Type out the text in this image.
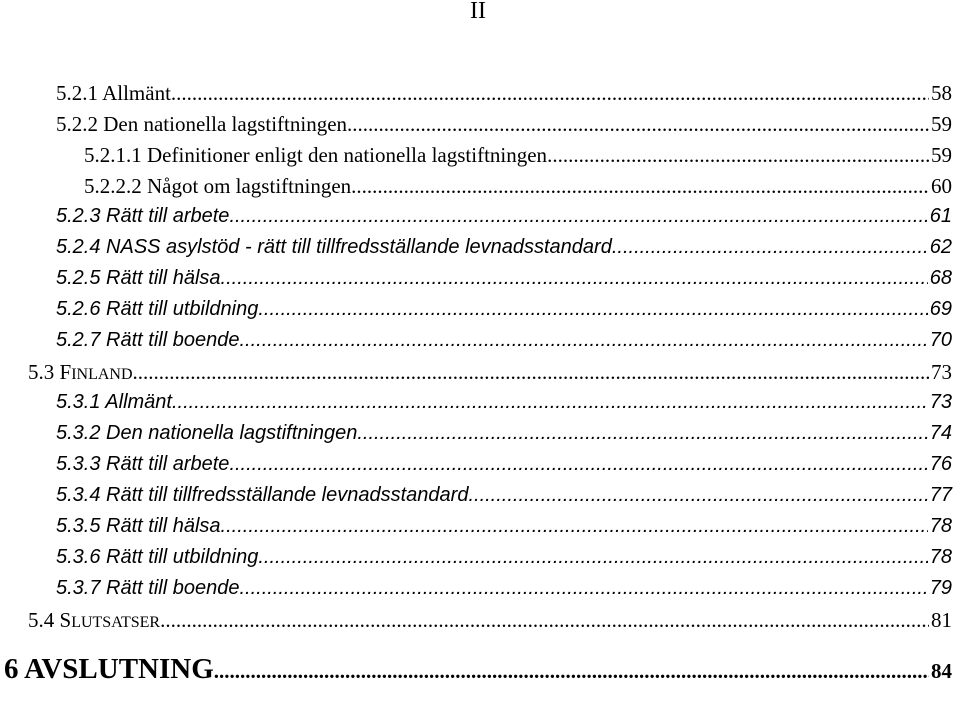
II
5.2.1 Allmänt .....	58
5.2.2 Den nationella lagstiftningen .....	59
5.2.1.1 Definitioner enligt den nationella lagstiftningen .....	59
5.2.2.2 Något om lagstiftningen .....	60
5.2.3 Rätt till arbete .....	61
5.2.4 NASS asylstöd - rätt till tillfredsställande levnadsstandard .....	62
5.2.5 Rätt till hälsa .....	68
5.2.6 Rätt till utbildning .....	69
5.2.7 Rätt till boende .....	70
5.3 FINLAND .....	73
5.3.1 Allmänt .....	73
5.3.2 Den nationella lagstiftningen .....	74
5.3.3 Rätt till arbete .....	76
5.3.4 Rätt till tillfredsställande levnadsstandard .....	77
5.3.5 Rätt till hälsa .....	78
5.3.6 Rätt till utbildning .....	78
5.3.7 Rätt till boende .....	79
5.4 SLUTSATSER .....	81
6 AVSLUTNING .....	84
